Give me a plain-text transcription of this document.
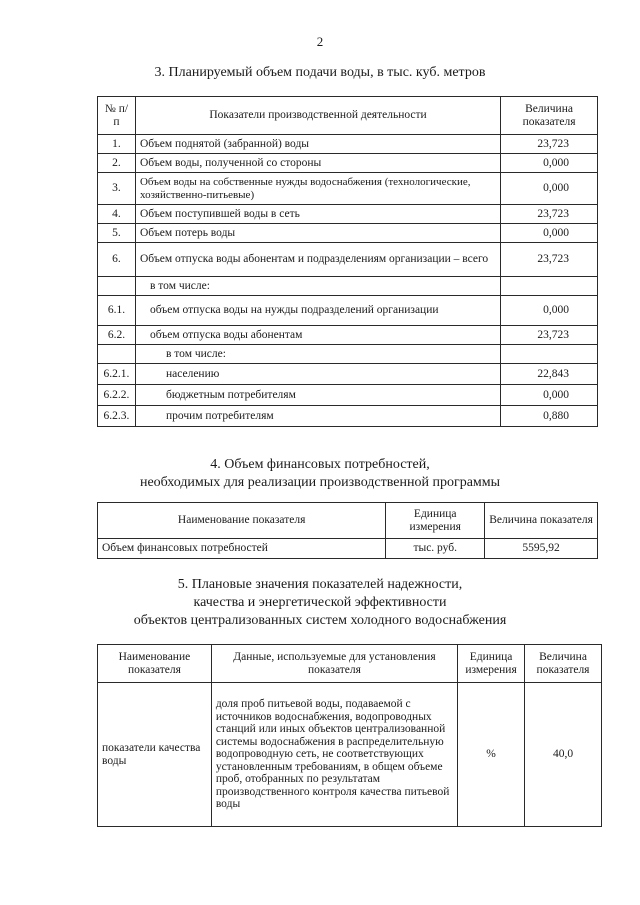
2
3. Планируемый объем подачи воды, в тыс. куб. метров
№ п/п	Показатели производственной деятельности	Величина показателя
1.	Объем поднятой (забранной) воды	23,723
2.	Объем воды, полученной со стороны	0,000
3.	Объем воды на собственные нужды водоснабжения (технологические, хозяйственно-питьевые)	0,000
4.	Объем поступившей воды в сеть	23,723
5.	Объем потерь воды	0,000
6.	Объем отпуска воды абонентам и подразделениям организации – всего	23,723
	в том числе:	
6.1.	объем отпуска воды на нужды подразделений организации	0,000
6.2.	объем отпуска воды абонентам	23,723
	в том числе:	
6.2.1.	населению	22,843
6.2.2.	бюджетным потребителям	0,000
6.2.3.	прочим потребителям	0,880
4. Объем финансовых потребностей,
необходимых для реализации производственной программы
Наименование показателя	Единица измерения	Величина показателя
Объем финансовых потребностей	тыс. руб.	5595,92
5. Плановые значения показателей надежности,
качества и энергетической эффективности
объектов централизованных систем холодного водоснабжения
Наименование показателя	Данные, используемые для установления показателя	Единица измерения	Величина показателя
показатели качества воды	доля проб питьевой воды, подаваемой с источников водоснабжения, водопроводных станций или иных объектов централизованной системы водоснабжения в распределительную водопроводную сеть, не соответствующих установленным требованиям, в общем объеме проб, отобранных по результатам производственного контроля качества питьевой воды	%	40,0
